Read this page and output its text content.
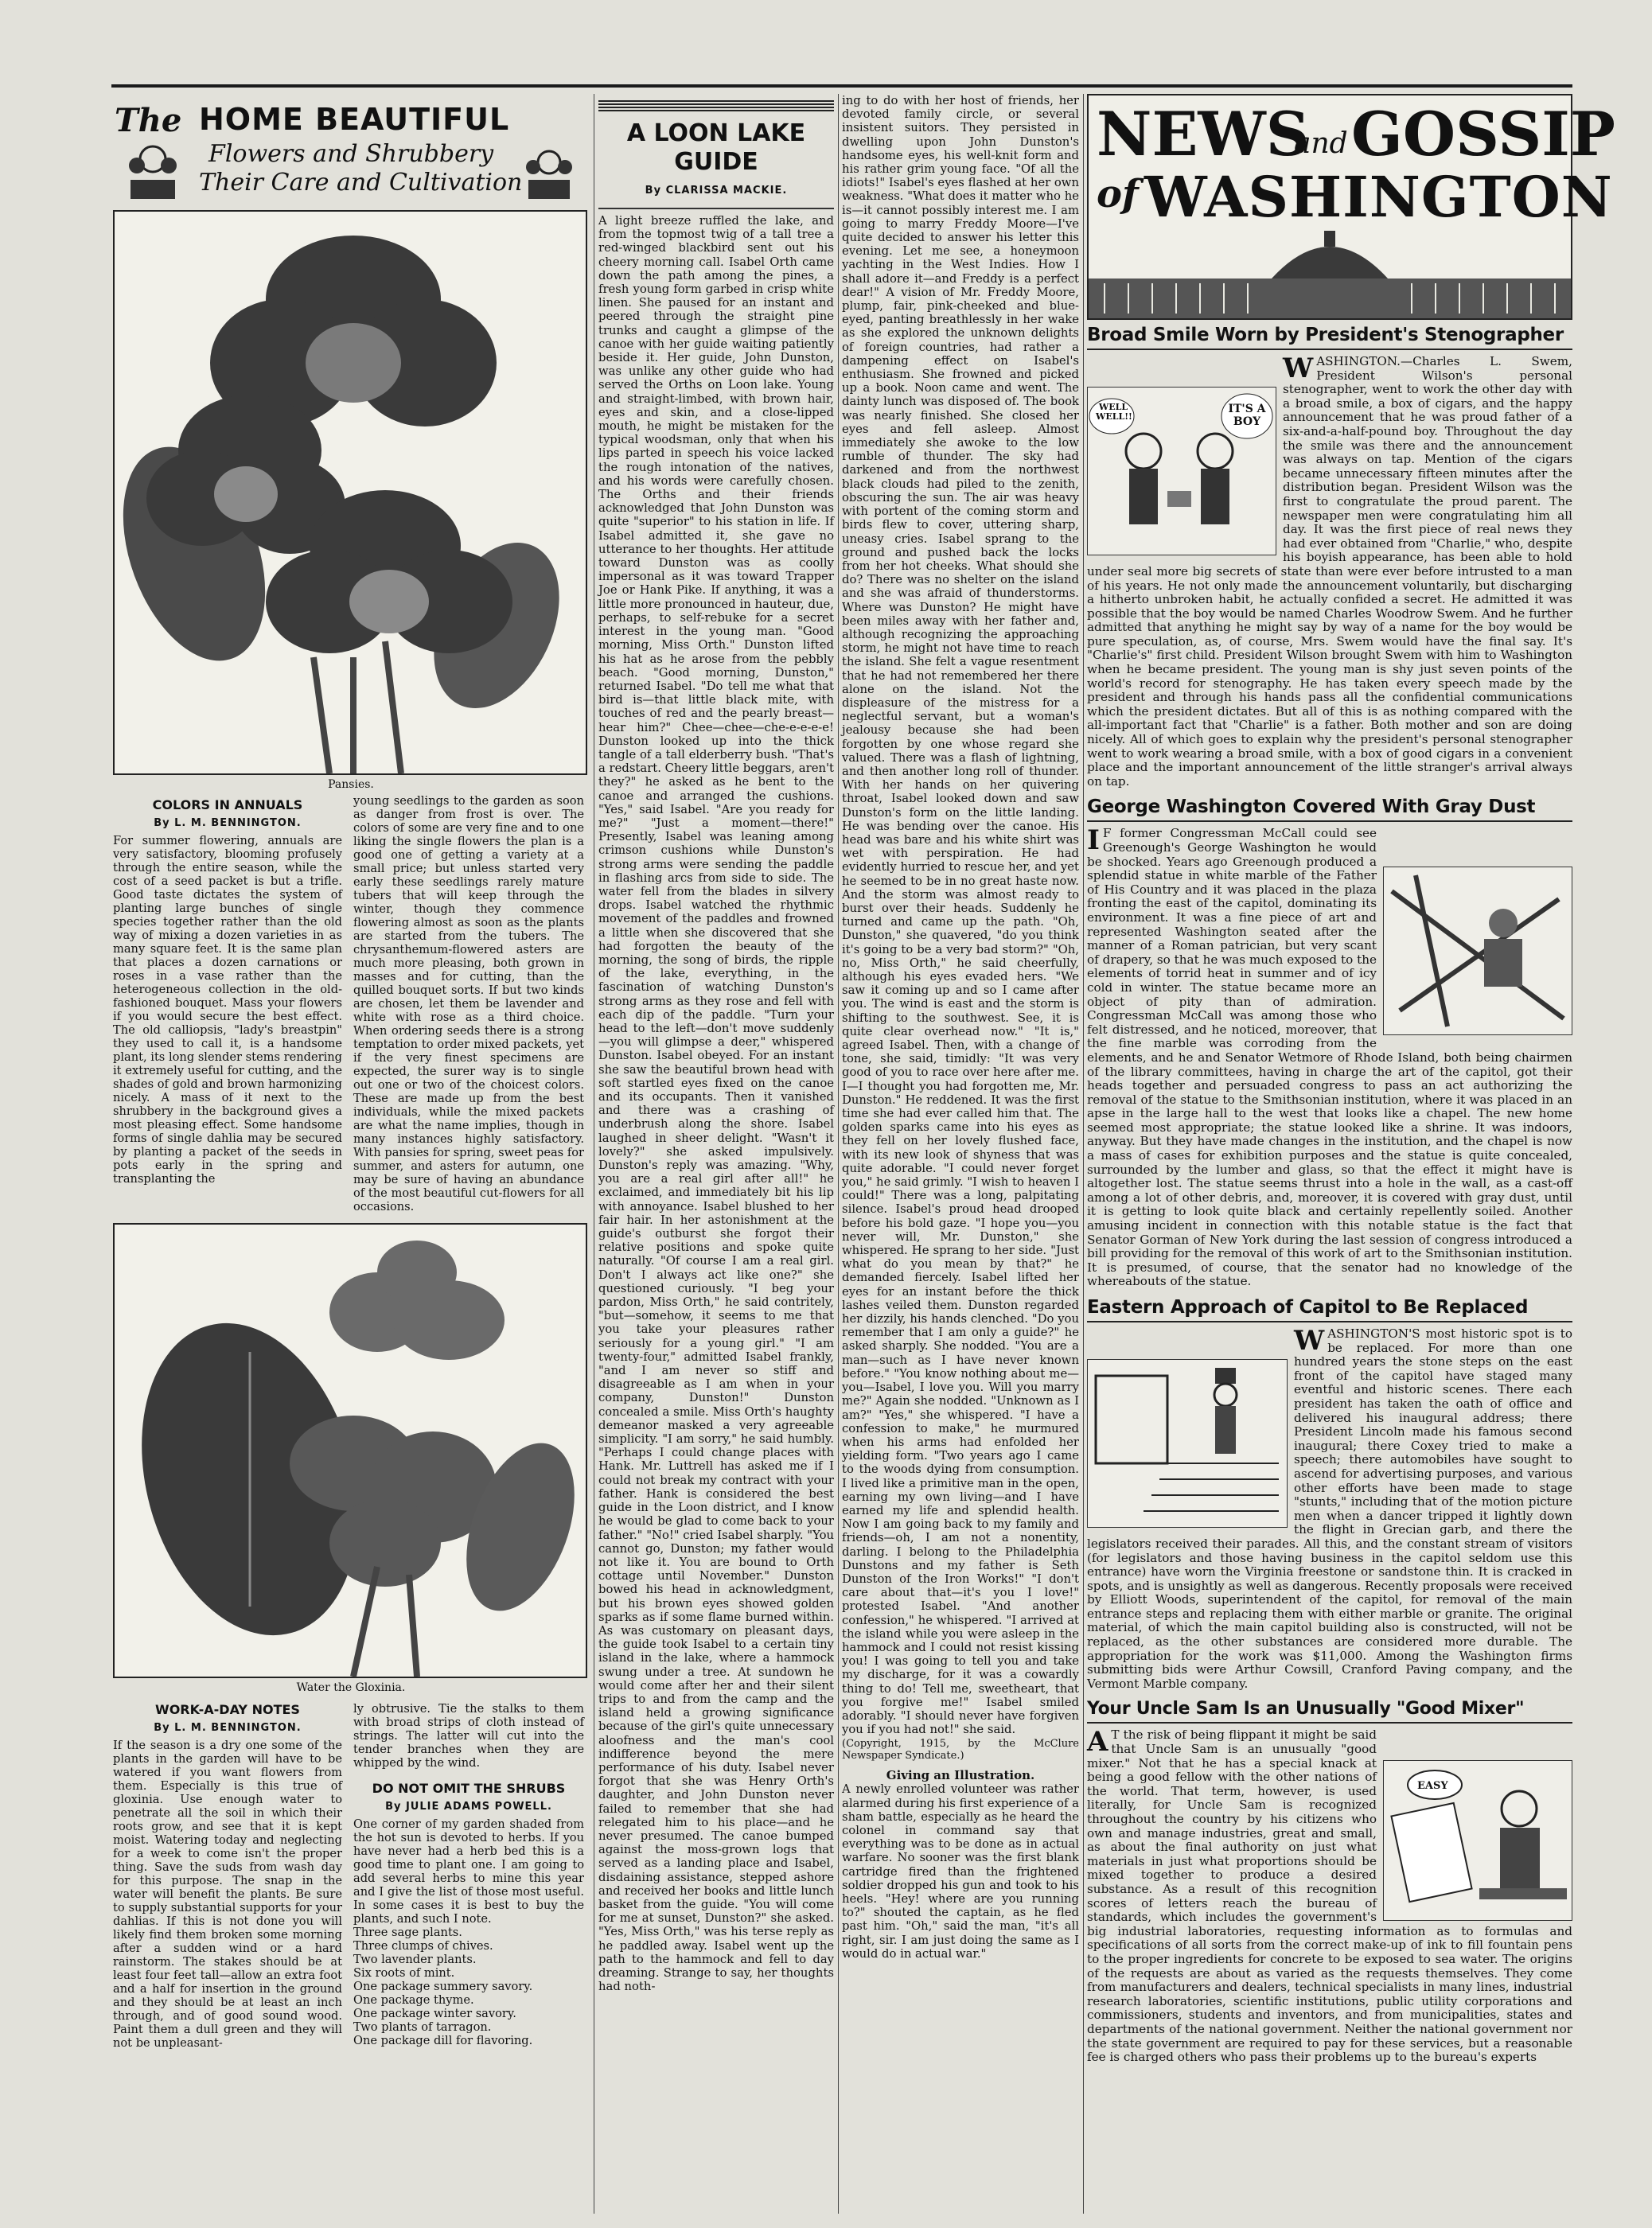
The HOME BEAUTIFUL
Flowers and Shrubbery
Their Care and Cultivation
Pansies.
COLORS IN ANNUALS
By L. M. BENNINGTON.
For summer flowering, annuals are very satisfactory, blooming profusely through the entire season, while the cost of a seed packet is but a trifle. Good taste dictates the system of planting large bunches of single species together rather than the old way of mixing a dozen varieties in as many square feet. It is the same plan that places a dozen carnations or roses in a vase rather than the heterogeneous collection in the old-fashioned bouquet. Mass your flowers if you would secure the best effect. The old calliopsis, "lady's breastpin" they used to call it, is a handsome plant, its long slender stems rendering it extremely useful for cutting, and the shades of gold and brown harmonizing nicely. A mass of it next to the shrubbery in the background gives a most pleasing effect. Some handsome forms of single dahlia may be secured by planting a packet of the seeds in pots early in the spring and transplanting the
young seedlings to the garden as soon as danger from frost is over. The colors of some are very fine and to one liking the single flowers the plan is a good one of getting a variety at a small price; but unless started very early these seedlings rarely mature tubers that will keep through the winter, though they commence flowering almost as soon as the plants are started from the tubers. The chrysanthemum-flowered asters are much more pleasing, both grown in masses and for cutting, than the quilled bouquet sorts. If but two kinds are chosen, let them be lavender and white with rose as a third choice. When ordering seeds there is a strong temptation to order mixed packets, yet if the very finest specimens are expected, the surer way is to single out one or two of the choicest colors. These are made up from the best individuals, while the mixed packets are what the name implies, though in many instances highly satisfactory. With pansies for spring, sweet peas for summer, and asters for autumn, one may be sure of having an abundance of the most beautiful cut-flowers for all occasions.
Water the Gloxinia.
WORK-A-DAY NOTES
By L. M. BENNINGTON.
If the season is a dry one some of the plants in the garden will have to be watered if you want flowers from them. Especially is this true of gloxinia. Use enough water to penetrate all the soil in which their roots grow, and see that it is kept moist. Watering today and neglecting for a week to come isn't the proper thing. Save the suds from wash day for this purpose. The snap in the water will benefit the plants. Be sure to supply substantial supports for your dahlias. If this is not done you will likely find them broken some morning after a sudden wind or a hard rainstorm. The stakes should be at least four feet tall—allow an extra foot and a half for insertion in the ground and they should be at least an inch through, and of good sound wood. Paint them a dull green and they will not be unpleasant-
ly obtrusive. Tie the stalks to them with broad strips of cloth instead of strings. The latter will cut into the tender branches when they are whipped by the wind.
DO NOT OMIT THE SHRUBS
By JULIE ADAMS POWELL.
One corner of my garden shaded from the hot sun is devoted to herbs. If you have never had a herb bed this is a good time to plant one. I am going to add several herbs to mine this year and I give the list of those most useful. In some cases it is best to buy the plants, and such I note.
Three sage plants.
Three clumps of chives.
Two lavender plants.
Six roots of mint.
One package summery savory.
One package thyme.
One package winter savory.
Two plants of tarragon.
One package dill for flavoring.
A LOON LAKE GUIDE
By CLARISSA MACKIE.
A light breeze ruffled the lake, and from the topmost twig of a tall tree a red-winged blackbird sent out his cheery morning call. Isabel Orth came down the path among the pines, a fresh young form garbed in crisp white linen. She paused for an instant and peered through the straight pine trunks and caught a glimpse of the canoe with her guide waiting patiently beside it. Her guide, John Dunston, was unlike any other guide who had served the Orths on Loon lake. Young and straight-limbed, with brown hair, eyes and skin, and a close-lipped mouth, he might be mistaken for the typical woodsman, only that when his lips parted in speech his voice lacked the rough intonation of the natives, and his words were carefully chosen. The Orths and their friends acknowledged that John Dunston was quite "superior" to his station in life. If Isabel admitted it, she gave no utterance to her thoughts. Her attitude toward Dunston was as coolly impersonal as it was toward Trapper Joe or Hank Pike. If anything, it was a little more pronounced in hauteur, due, perhaps, to self-rebuke for a secret interest in the young man. "Good morning, Miss Orth." Dunston lifted his hat as he arose from the pebbly beach. "Good morning, Dunston," returned Isabel. "Do tell me what that bird is—that little black mite, with touches of red and the pearly breast—hear him?" Chee—chee—che-e-e-e-e! Dunston looked up into the thick tangle of a tall elderberry bush. "That's a redstart. Cheery little beggars, aren't they?" he asked as he bent to the canoe and arranged the cushions. "Yes," said Isabel. "Are you ready for me?" "Just a moment—there!" Presently, Isabel was leaning among crimson cushions while Dunston's strong arms were sending the paddle in flashing arcs from side to side. The water fell from the blades in silvery drops. Isabel watched the rhythmic movement of the paddles and frowned a little when she discovered that she had forgotten the beauty of the morning, the song of birds, the ripple of the lake, everything, in the fascination of watching Dunston's strong arms as they rose and fell with each dip of the paddle. "Turn your head to the left—don't move suddenly—you will glimpse a deer," whispered Dunston. Isabel obeyed. For an instant she saw the beautiful brown head with soft startled eyes fixed on the canoe and its occupants. Then it vanished and there was a crashing of underbrush along the shore. Isabel laughed in sheer delight. "Wasn't it lovely?" she asked impulsively. Dunston's reply was amazing. "Why, you are a real girl after all!" he exclaimed, and immediately bit his lip with annoyance. Isabel blushed to her fair hair. In her astonishment at the guide's outburst she forgot their relative positions and spoke quite naturally. "Of course I am a real girl. Don't I always act like one?" she questioned curiously. "I beg your pardon, Miss Orth," he said contritely, "but—somehow, it seems to me that you take your pleasures rather seriously for a young girl." "I am twenty-four," admitted Isabel frankly, "and I am never so stiff and disagreeable as I am when in your company, Dunston!" Dunston concealed a smile. Miss Orth's haughty demeanor masked a very agreeable simplicity. "I am sorry," he said humbly. "Perhaps I could change places with Hank. Mr. Luttrell has asked me if I could not break my contract with your father. Hank is considered the best guide in the Loon district, and I know he would be glad to come back to your father." "No!" cried Isabel sharply. "You cannot go, Dunston; my father would not like it. You are bound to Orth cottage until November." Dunston bowed his head in acknowledgment, but his brown eyes showed golden sparks as if some flame burned within. As was customary on pleasant days, the guide took Isabel to a certain tiny island in the lake, where a hammock swung under a tree. At sundown he would come after her and their silent trips to and from the camp and the island held a growing significance because of the girl's quite unnecessary aloofness and the man's cool indifference beyond the mere performance of his duty. Isabel never forgot that she was Henry Orth's daughter, and John Dunston never failed to remember that she had relegated him to his place—and he never presumed. The canoe bumped against the moss-grown logs that served as a landing place and Isabel, disdaining assistance, stepped ashore and received her books and little lunch basket from the guide. "You will come for me at sunset, Dunston?" she asked. "Yes, Miss Orth," was his terse reply as he paddled away. Isabel went up the path to the hammock and fell to day dreaming. Strange to say, her thoughts had noth-
ing to do with her host of friends, her devoted family circle, or several insistent suitors. They persisted in dwelling upon John Dunston's handsome eyes, his well-knit form and his rather grim young face. "Of all the idiots!" Isabel's eyes flashed at her own weakness. "What does it matter who he is—it cannot possibly interest me. I am going to marry Freddy Moore—I've quite decided to answer his letter this evening. Let me see, a honeymoon yachting in the West Indies. How I shall adore it—and Freddy is a perfect dear!" A vision of Mr. Freddy Moore, plump, fair, pink-cheeked and blue-eyed, panting breathlessly in her wake as she explored the unknown delights of foreign countries, had rather a dampening effect on Isabel's enthusiasm. She frowned and picked up a book. Noon came and went. The dainty lunch was disposed of. The book was nearly finished. She closed her eyes and fell asleep. Almost immediately she awoke to the low rumble of thunder. The sky had darkened and from the northwest black clouds had piled to the zenith, obscuring the sun. The air was heavy with portent of the coming storm and birds flew to cover, uttering sharp, uneasy cries. Isabel sprang to the ground and pushed back the locks from her hot cheeks. What should she do? There was no shelter on the island and she was afraid of thunderstorms. Where was Dunston? He might have been miles away with her father and, although recognizing the approaching storm, he might not have time to reach the island. She felt a vague resentment that he had not remembered her there alone on the island. Not the displeasure of the mistress for a neglectful servant, but a woman's jealousy because she had been forgotten by one whose regard she valued. There was a flash of lightning, and then another long roll of thunder. With her hands on her quivering throat, Isabel looked down and saw Dunston's form on the little landing. He was bending over the canoe. His head was bare and his white shirt was wet with perspiration. He had evidently hurried to rescue her, and yet he seemed to be in no great haste now. And the storm was almost ready to burst over their heads. Suddenly he turned and came up the path. "Oh, Dunston," she quavered, "do you think it's going to be a very bad storm?" "Oh, no, Miss Orth," he said cheerfully, although his eyes evaded hers. "We saw it coming up and so I came after you. The wind is east and the storm is shifting to the southwest. See, it is quite clear overhead now." "It is," agreed Isabel. Then, with a change of tone, she said, timidly: "It was very good of you to race over here after me. I—I thought you had forgotten me, Mr. Dunston." He reddened. It was the first time she had ever called him that. The golden sparks came into his eyes as they fell on her lovely flushed face, with its new look of shyness that was quite adorable. "I could never forget you," he said grimly. "I wish to heaven I could!" There was a long, palpitating silence. Isabel's proud head drooped before his bold gaze. "I hope you—you never will, Mr. Dunston," she whispered. He sprang to her side. "Just what do you mean by that?" he demanded fiercely. Isabel lifted her eyes for an instant before the thick lashes veiled them. Dunston regarded her dizzily, his hands clenched. "Do you remember that I am only a guide?" he asked sharply. She nodded. "You are a man—such as I have never known before." "You know nothing about me—you—Isabel, I love you. Will you marry me?" Again she nodded. "Unknown as I am?" "Yes," she whispered. "I have a confession to make," he murmured when his arms had enfolded her yielding form. "Two years ago I came to the woods dying from consumption. I lived like a primitive man in the open, earning my own living—and I have earned my life and splendid health. Now I am going back to my family and friends—oh, I am not a nonentity, darling. I belong to the Philadelphia Dunstons and my father is Seth Dunston of the Iron Works!" "I don't care about that—it's you I love!" protested Isabel. "And another confession," he whispered. "I arrived at the island while you were asleep in the hammock and I could not resist kissing you! I was going to tell you and take my discharge, for it was a cowardly thing to do! Tell me, sweetheart, that you forgive me!" Isabel smiled adorably. "I should never have forgiven you if you had not!" she said.
(Copyright, 1915, by the McClure Newspaper Syndicate.)
Giving an Illustration.
A newly enrolled volunteer was rather alarmed during his first experience of a sham battle, especially as he heard the colonel in command say that everything was to be done as in actual warfare. No sooner was the first blank cartridge fired than the frightened soldier dropped his gun and took to his heels. "Hey! where are you running to?" shouted the captain, as he fled past him. "Oh," said the man, "it's all right, sir. I am just doing the same as I would do in actual war."
NEWS
and GOSSIP
of WASHINGTON
Broad Smile Worn by President's Stenographer
WELL WELL!!
IT'S A BOY
W ASHINGTON.—Charles L. Swem, President Wilson's personal stenographer, went to work the other day with a broad smile, a box of cigars, and the happy announcement that he was proud father of a six-and-a-half-pound boy. Throughout the day the smile was there and the announcement was always on tap. Mention of the cigars became unnecessary fifteen minutes after the distribution began. President Wilson was the first to congratulate the proud parent. The newspaper men were congratulating him all day. It was the first piece of real news they had ever obtained from "Charlie," who, despite his boyish appearance, has been able to hold under seal more big secrets of state than were ever before intrusted to a man of his years. He not only made the announcement voluntarily, but discharging a hitherto unbroken habit, he actually confided a secret. He admitted it was possible that the boy would be named Charles Woodrow Swem. And he further admitted that anything he might say by way of a name for the boy would be pure speculation, as, of course, Mrs. Swem would have the final say. It's "Charlie's" first child. President Wilson brought Swem with him to Washington when he became president. The young man is shy just seven points of the world's record for stenography. He has taken every speech made by the president and through his hands pass all the confidential communications which the president dictates. But all of this is as nothing compared with the all-important fact that "Charlie" is a father. Both mother and son are doing nicely. All of which goes to explain why the president's personal stenographer went to work wearing a broad smile, with a box of good cigars in a convenient place and the important announcement of the little stranger's arrival always on tap.
George Washington Covered With Gray Dust
I F former Congressman McCall could see Greenough's George Washington he would be shocked. Years ago Greenough produced a splendid statue in white marble of the Father of His Country and it was placed in the plaza fronting the east of the capitol, dominating its environment. It was a fine piece of art and represented Washington seated after the manner of a Roman patrician, but very scant of drapery, so that he was much exposed to the elements of torrid heat in summer and of icy cold in winter. The statue became more an object of pity than of admiration. Congressman McCall was among those who felt distressed, and he noticed, moreover, that the fine marble was corroding from the elements, and he and Senator Wetmore of Rhode Island, both being chairmen of the library committees, having in charge the art of the capitol, got their heads together and persuaded congress to pass an act authorizing the removal of the statue to the Smithsonian institution, where it was placed in an apse in the large hall to the west that looks like a chapel. The new home seemed most appropriate; the statue looked like a shrine. It was indoors, anyway. But they have made changes in the institution, and the chapel is now a mass of cases for exhibition purposes and the statue is quite concealed, surrounded by the lumber and glass, so that the effect it might have is altogether lost. The statue seems thrust into a hole in the wall, as a cast-off among a lot of other debris, and, moreover, it is covered with gray dust, until it is getting to look quite black and certainly repellently soiled. Another amusing incident in connection with this notable statue is the fact that Senator Gorman of New York during the last session of congress introduced a bill providing for the removal of this work of art to the Smithsonian institution. It is presumed, of course, that the senator had no knowledge of the whereabouts of the statue.
Eastern Approach of Capitol to Be Replaced
W ASHINGTON'S most historic spot is to be replaced. For more than one hundred years the stone steps on the east front of the capitol have staged many eventful and historic scenes. There each president has taken the oath of office and delivered his inaugural address; there President Lincoln made his famous second inaugural; there Coxey tried to make a speech; there automobiles have sought to ascend for advertising purposes, and various other efforts have been made to stage "stunts," including that of the motion picture men when a dancer tripped it lightly down the flight in Grecian garb, and there the legislators received their parades. All this, and the constant stream of visitors (for legislators and those having business in the capitol seldom use this entrance) have worn the Virginia freestone or sandstone thin. It is cracked in spots, and is unsightly as well as dangerous. Recently proposals were received by Elliott Woods, superintendent of the capitol, for removal of the main entrance steps and replacing them with either marble or granite. The original material, of which the main capitol building also is constructed, will not be replaced, as the other substances are considered more durable. The appropriation for the work was $11,000. Among the Washington firms submitting bids were Arthur Cowsill, Cranford Paving company, and the Vermont Marble company.
Your Uncle Sam Is an Unusually "Good Mixer"
EASY
A T the risk of being flippant it might be said that Uncle Sam is an unusually "good mixer." Not that he has a special knack at being a good fellow with the other nations of the world. That term, however, is used literally, for Uncle Sam is recognized throughout the country by his citizens who own and manage industries, great and small, as about the final authority on just what materials in just what proportions should be mixed together to produce a desired substance. As a result of this recognition scores of letters reach the bureau of standards, which includes the government's big industrial laboratories, requesting information as to formulas and specifications of all sorts from the correct make-up of ink to fill fountain pens to the proper ingredients for concrete to be exposed to sea water. The origins of the requests are about as varied as the requests themselves. They come from manufacturers and dealers, technical specialists in many lines, industrial research laboratories, scientific institutions, public utility corporations and commissioners, students and inventors, and from municipalities, states and departments of the national government. Neither the national government nor the state government are required to pay for these services, but a reasonable fee is charged others who pass their problems up to the bureau's experts
